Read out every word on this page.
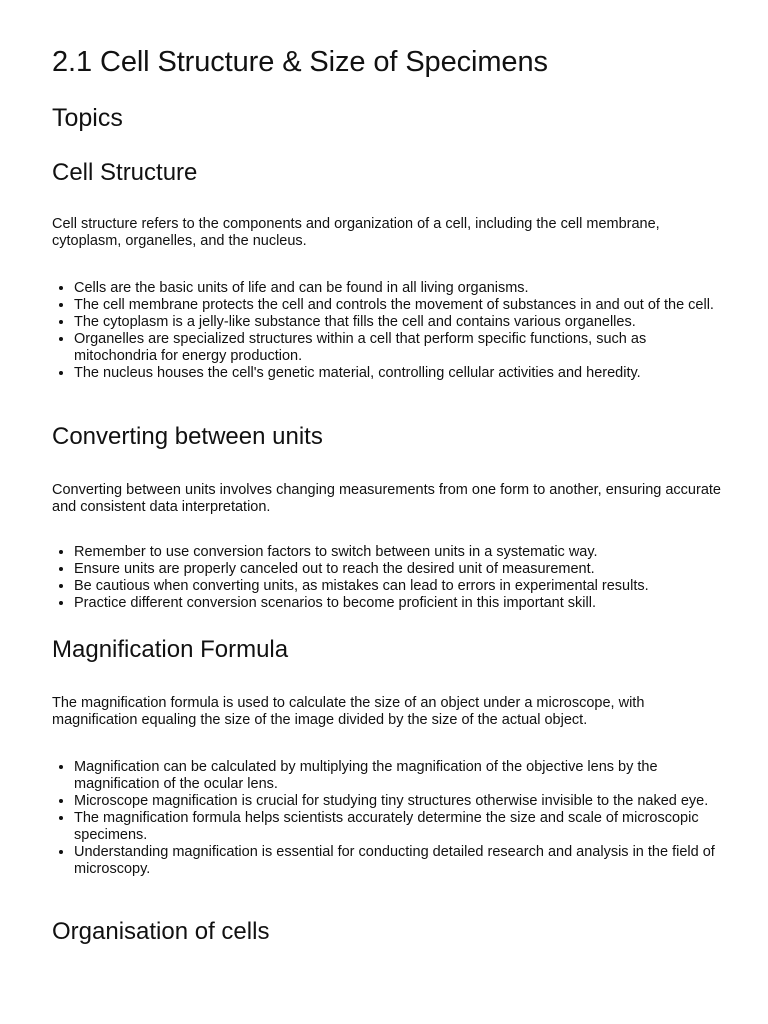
2.1 Cell Structure & Size of Specimens
Topics
Cell Structure

Cell structure refers to the components and organization of a cell, including the cell membrane, cytoplasm, organelles, and the nucleus.

• Cells are the basic units of life and can be found in all living organisms.
• The cell membrane protects the cell and controls the movement of substances in and out of the cell.
• The cytoplasm is a jelly-like substance that fills the cell and contains various organelles.
• Organelles are specialized structures within a cell that perform specific functions, such as mitochondria for energy production.
• The nucleus houses the cell's genetic material, controlling cellular activities and heredity.
Converting between units

Converting between units involves changing measurements from one form to another, ensuring accurate and consistent data interpretation.

• Remember to use conversion factors to switch between units in a systematic way.
• Ensure units are properly canceled out to reach the desired unit of measurement.
• Be cautious when converting units, as mistakes can lead to errors in experimental results.
• Practice different conversion scenarios to become proficient in this important skill.
Magnification Formula

The magnification formula is used to calculate the size of an object under a microscope, with magnification equaling the size of the image divided by the size of the actual object.

• Magnification can be calculated by multiplying the magnification of the objective lens by the magnification of the ocular lens.
• Microscope magnification is crucial for studying tiny structures otherwise invisible to the naked eye.
• The magnification formula helps scientists accurately determine the size and scale of microscopic specimens.
• Understanding magnification is essential for conducting detailed research and analysis in the field of microscopy.
Organisation of cells
